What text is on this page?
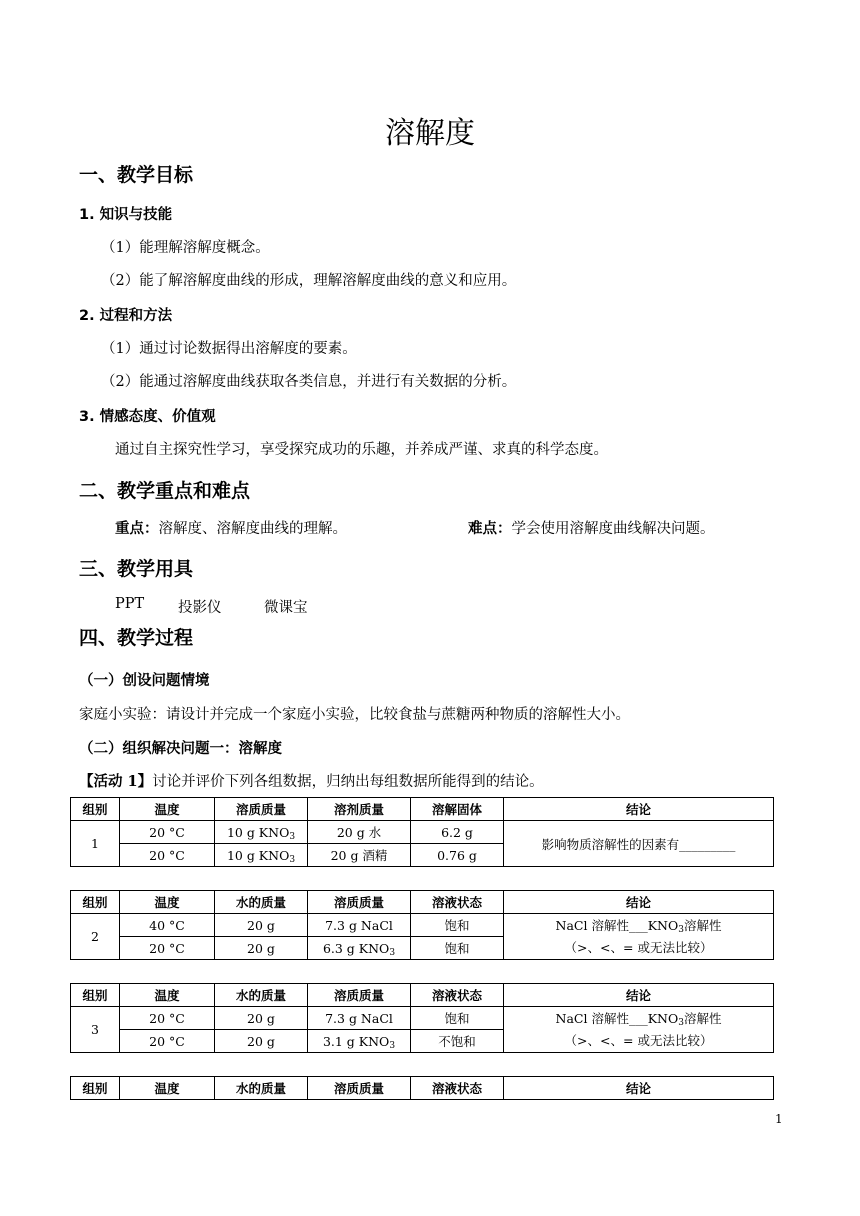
溶解度
一、教学目标
1. 知识与技能
（1）能理解溶解度概念。
（2）能了解溶解度曲线的形成，理解溶解度曲线的意义和应用。
2. 过程和方法
（1）通过讨论数据得出溶解度的要素。
（2）能通过溶解度曲线获取各类信息，并进行有关数据的分析。
3. 情感态度、价值观
通过自主探究性学习，享受探究成功的乐趣，并养成严谨、求真的科学态度。
二、教学重点和难点
重点：溶解度、溶解度曲线的理解。	难点：学会使用溶解度曲线解决问题。
三、教学用具
PPT 投影仪	微课宝
四、教学过程
（一）创设问题情境
家庭小实验：请设计并完成一个家庭小实验，比较食盐与蔗糖两种物质的溶解性大小。
（二）组织解决问题一：溶解度
【活动 1】讨论并评价下列各组数据，归纳出每组数据所能得到的结论。
组别	温度	溶质质量	溶剂质量	溶解固体	结论
1	20 °C	10 g $KNO_3$	20 g 水	6.2 g	影响物质溶解性的因素有_________
	20 °C	10 g $KNO_3$	20 g 酒精	0.76 g	
组别	温度	水的质量	溶质质量	溶液状态	结论
2	40 °C	20 g	7.3 g NaCl	饱和	NaCl 溶解性$\_\_\_KNO_3$溶解性
（>、<、= 或无法比较）
	20 °C	20 g	6.3 g $KNO_3$	饱和	
组别	温度	水的质量	溶质质量	溶液状态	结论
3	20 °C	20 g	7.3 g NaCl	饱和	NaCl 溶解性$\_\_\_KNO_3$溶解性
（>、<、= 或无法比较）
	20 °C	20 g	3.1 g $KNO_3$	不饱和	
组别	温度	水的质量	溶质质量	溶液状态	结论
1
